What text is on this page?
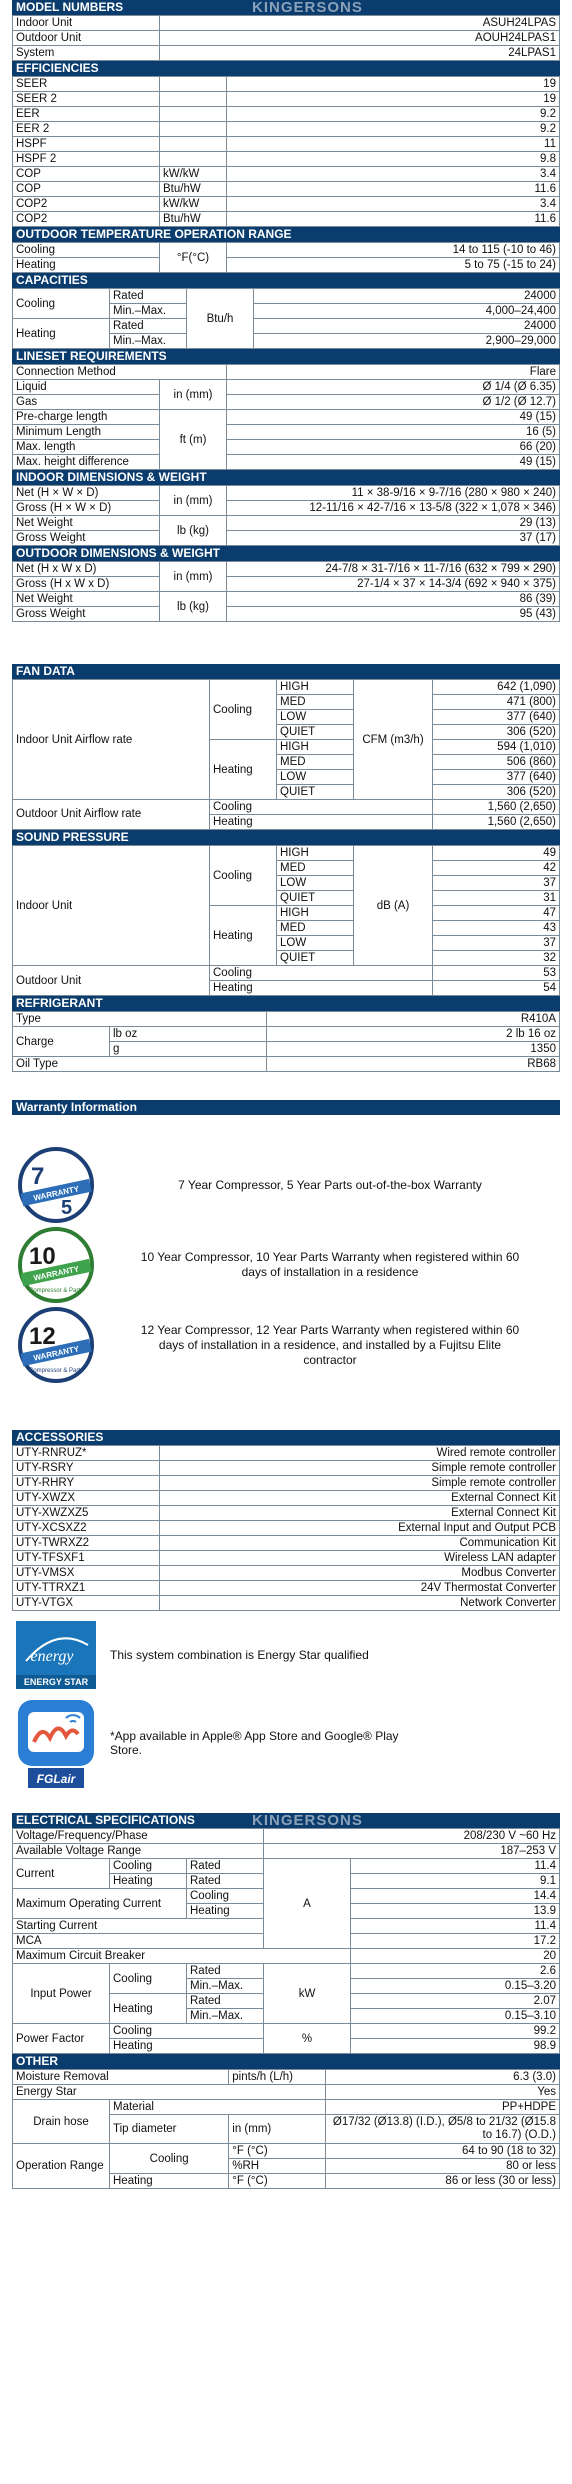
MODEL NUMBERS	KINGERSONS
Indoor Unit	ASUH24LPAS
Outdoor Unit	AOUH24LPAS1
System	24LPAS1
EFFICIENCIES
SEER		19
SEER 2		19
EER		9.2
EER 2		9.2
HSPF		11
HSPF 2		9.8
COP	kW/kW	3.4
COP	Btu/hW	11.6
COP2	kW/kW	3.4
COP2	Btu/hW	11.6
OUTDOOR TEMPERATURE OPERATION RANGE
Cooling	°F(°C)	14 to 115 (-10 to 46)
Heating		5 to 75 (-15 to 24)
CAPACITIES
Cooling	Rated	Btu/h	24000
	Min.–Max.		4,000–24,400
Heating	Rated		24000
	Min.–Max.		2,900–29,000
LINESET REQUIREMENTS
Connection Method		Flare
Liquid	in (mm)	Ø 1/4 (Ø 6.35)
Gas		Ø 1/2 (Ø 12.7)
Pre-charge length	ft (m)	49 (15)
Minimum Length		16 (5)
Max. length		66 (20)
Max. height difference		49 (15)
INDOOR DIMENSIONS & WEIGHT
Net (H × W × D)	in (mm)	11 × 38-9/16 × 9-7/16 (280 × 980 × 240)
Gross (H × W × D)		12-11/16 × 42-7/16 × 13-5/8 (322 × 1,078 × 346)
Net Weight	lb (kg)	29 (13)
Gross Weight		37 (17)
OUTDOOR DIMENSIONS & WEIGHT
Net (H x W x D)	in (mm)	24-7/8 × 31-7/16 × 11-7/16 (632 × 799 × 290)
Gross (H x W x D)		27-1/4 × 37 × 14-3/4 (692 × 940 × 375)
Net Weight	lb (kg)	86 (39)
Gross Weight		95 (43)
FAN DATA
Indoor Unit Airflow rate	Cooling	HIGH	CFM (m3/h)	642 (1,090)
		MED		471 (800)
		LOW		377 (640)
		QUIET		306 (520)
	Heating	HIGH		594 (1,010)
		MED		506 (860)
		LOW		377 (640)
		QUIET		306 (520)
Outdoor Unit Airflow rate	Cooling			1,560 (2,650)
	Heating			1,560 (2,650)
SOUND PRESSURE
Indoor Unit	Cooling	HIGH	dB (A)	49
		MED		42
		LOW		37
		QUIET		31
	Heating	HIGH		47
		MED		43
		LOW		37
		QUIET		32
Outdoor Unit	Cooling			53
	Heating			54
REFRIGERANT
Type		R410A
Charge	lb oz	2 lb 16 oz
	g	1350
Oil Type		RB68
Warranty Information
7
WARRANTY
5
7 Year Compressor, 5 Year Parts out-of-the-box Warranty
10
WARRANTY
Compressor & Parts
10 Year Compressor, 10 Year Parts Warranty when registered within 60 days of installation in a residence
12
WARRANTY
Compressor & Parts
12 Year Compressor, 12 Year Parts Warranty when registered within 60 days of installation in a residence, and installed by a Fujitsu Elite contractor
ACCESSORIES
UTY-RNRUZ*	Wired remote controller
UTY-RSRY	Simple remote controller
UTY-RHRY	Simple remote controller
UTY-XWZX	External Connect Kit
UTY-XWZXZ5	External Connect Kit
UTY-XCSXZ2	External Input and Output PCB
UTY-TWRXZ2	Communication Kit
UTY-TFSXF1	Wireless LAN adapter
UTY-VMSX	Modbus Converter
UTY-TTRXZ1	24V Thermostat Converter
UTY-VTGX	Network Converter
energy
ENERGY STAR
This system combination is Energy Star qualified
FGLair
*App available in Apple® App Store and Google® Play Store.
ELECTRICAL SPECIFICATIONS	KINGERSONS
Voltage/Frequency/Phase			208/230 V ~60 Hz	
Available Voltage Range			187–253 V	
Current	Cooling	Rated	A	11.4
	Heating	Rated		9.1
Maximum Operating Current		Cooling		14.4
		Heating		13.9
Starting Current				11.4
MCA				17.2
Maximum Circuit Breaker				20
Input Power	Cooling	Rated	kW	2.6
		Min.–Max.		0.15–3.20
	Heating	Rated		2.07
		Min.–Max.		0.15–3.10
Power Factor	Cooling		%	99.2
	Heating			98.9
OTHER
Moisture Removal		pints/h (L/h)	6.3 (3.0)
Energy Star			Yes
Drain hose	Material		PP+HDPE
	Tip diameter	in (mm)	Ø17/32 (Ø13.8) (I.D.), Ø5/8 to 21/32 (Ø15.8 to 16.7) (O.D.)
Operation Range	Cooling	°F (°C)	64 to 90 (18 to 32)
		%RH	80 or less
	Heating	°F (°C)	86 or less (30 or less)
